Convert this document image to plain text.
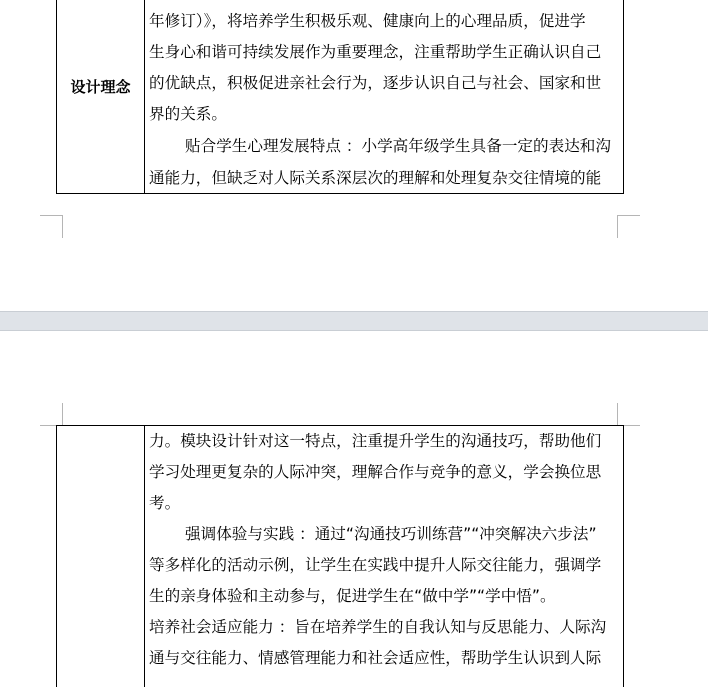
设计理念
年修订）》，将培养学生积极乐观、健康向上的心理品质，促进学
生身心和谐可持续发展作为重要理念，注重帮助学生正确认识自己
的优缺点，积极促进亲社会行为，逐步认识自己与社会、国家和世
界的关系。
贴合学生心理发展特点 ：小学高年级学生具备一定的表达和沟
通能力，但缺乏对人际关系深层次的理解和处理复杂交往情境的能
力。模块设计针对这一特点，注重提升学生的沟通技巧，帮助他们
学习处理更复杂的人际冲突，理解合作与竞争的意义，学会换位思
考。
强调体验与实践 ：通过“沟通技巧训练营”“冲突解决六步法”
等多样化的活动示例，让学生在实践中提升人际交往能力，强调学
生的亲身体验和主动参与，促进学生在“做中学”“学中悟”。
培养社会适应能力 ：旨在培养学生的自我认知与反思能力、人际沟
通与交往能力、情感管理能力和社会适应性，帮助学生认识到人际
